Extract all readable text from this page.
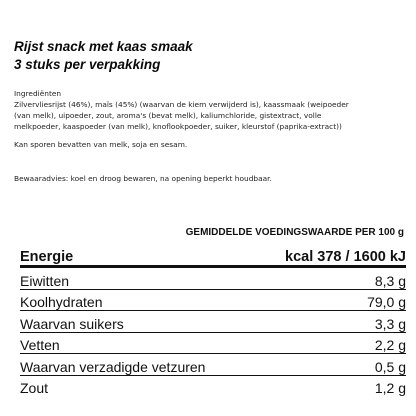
Rijst snack met kaas smaak
3 stuks per verpakking

Ingrediënten

Zilvervliesrijst (46%), maïs (45%) (waarvan de kiem verwijderd is), kaassmaak (weipoeder

(van melk), uipoeder, zout, aroma's (bevat melk), kaliumchloride, gistextract, volle

melkpoeder, kaaspoeder (van melk), knoflookpoeder, suiker, kleurstof (paprika-extract))

Kan sporen bevatten van melk, soja en sesam.

Bewaaradvies: koel en droog bewaren, na opening beperkt houdbaar.

GEMIDDELDE VOEDINGSWAARDE PER 100 g

Energie	kcal 378 / 1600 kJ
Eiwitten	8,3 g
Koolhydraten	79,0 g
Waarvan suikers	3,3 g
Vetten	2,2 g
Waarvan verzadigde vetzuren	0,5 g
Zout	1,2 g
